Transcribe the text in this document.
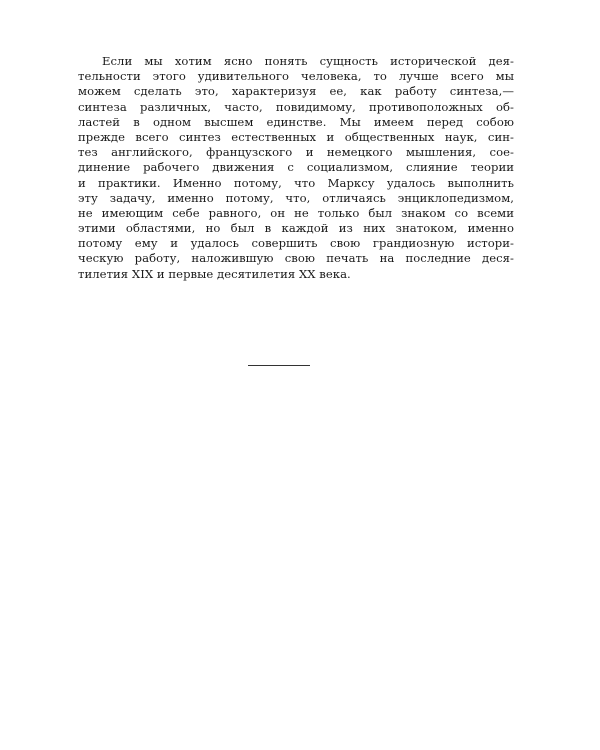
Если мы хотим ясно понять сущность исторической дея-
тельности этого удивительного человека, то лучше всего мы
можем сделать это, характеризуя ее, как работу синтеза,—
синтеза различных, часто, повидимому, противоположных об-
ластей в одном высшем единстве. Мы имеем перед собою
прежде всего синтез естественных и общественных наук, син-
тез английского, французского и немецкого мышления, сое-
динение рабочего движения с социализмом, слияние теории
и практики. Именно потому, что Марксу удалось выполнить
эту задачу, именно потому, что, отличаясь энциклопедизмом,
не имеющим себе равного, он не только был знаком со всеми
этими областями, но был в каждой из них знатоком, именно
потому ему и удалось совершить свою грандиозную истори-
ческую работу, наложившую свою печать на последние деся-
тилетия XIX и первые десятилетия XX века.
